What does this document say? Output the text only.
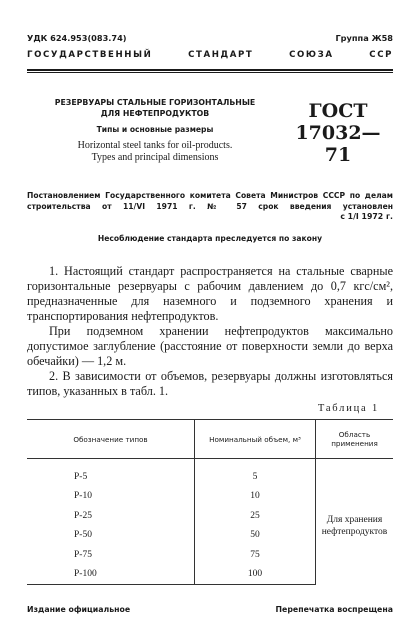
УДК 624.953(083.74)	Группа Ж58
ГОСУДАРСТВЕННЫЙ СТАНДАРТ СОЮЗА ССР
РЕЗЕРВУАРЫ СТАЛЬНЫЕ ГОРИЗОНТАЛЬНЫЕ
ДЛЯ НЕФТЕПРОДУКТОВ
Типы и основные размеры
Horizontal steel tanks for oil-products.
Types and principal dimensions
ГОСТ
17032—71
Постановлением Государственного комитета Совета Министров СССР по делам
строительства от 11/VI 1971 г. № 57 срок введения установлен
с 1/I 1972 г.
Несоблюдение стандарта преследуется по закону

1. Настоящий стандарт распространяется на стальные сварные горизонтальные резервуары с рабочим давлением до 0,7 кгс/см², предназначенные для наземного и подземного хранения и транспортирования нефтепродуктов.

При подземном хранении нефтепродуктов максимально допустимое заглубление (расстояние от поверхности земли до верха обечайки) — 1,2 м.

2. В зависимости от объемов, резервуары должны изготовляться типов, указанных в табл. 1.

Таблица 1
Обозначение типов	Номинальный объем, м³	Область применения
Р-5	5	Для хранения нефтепродуктов
Р-10	10	
Р-25	25	
Р-50	50	
Р-75	75	
Р-100	100	
Издание официальное	Перепечатка воспрещена
